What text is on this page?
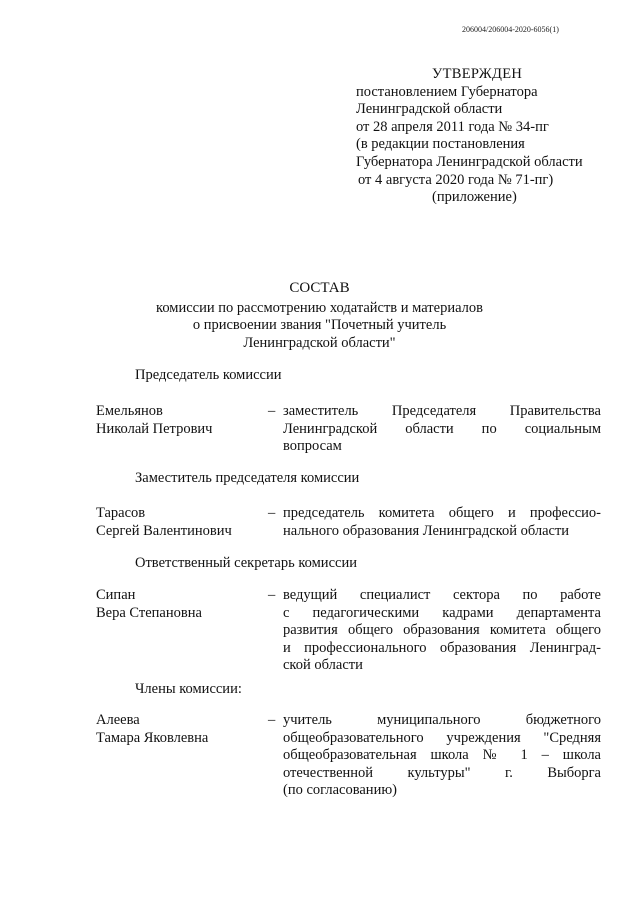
206004/206004-2020-6056(1)
УТВЕРЖДЕН
постановлением Губернатора
Ленинградской области
от 28 апреля 2011 года № 34-пг
(в редакции постановления
Губернатора Ленинградской области
от 4 августа 2020 года № 71-пг)
(приложение)
СОСТАВ
комиссии по рассмотрению ходатайств и материалов
о присвоении звания "Почетный учитель
Ленинградской области"
Председатель комиссии
Емельянов
Николай Петрович
– заместитель Председателя Правительства
Ленинградской области по социальным
вопросам
Заместитель председателя комиссии
Тарасов
Сергей Валентинович
– председатель комитета общего и профессио-
нального образования Ленинградской области
Ответственный секретарь комиссии
Сипан
Вера Степановна
– ведущий специалист сектора по работе
с педагогическими кадрами департамента
развития общего образования комитета общего
и профессионального образования Ленинград-
ской области
Члены комиссии:
Алеева
Тамара Яковлевна
– учитель муниципального бюджетного
общеобразовательного учреждения "Средняя
общеобразовательная школа № 1 – школа
отечественной культуры" г. Выборга
(по согласованию)
